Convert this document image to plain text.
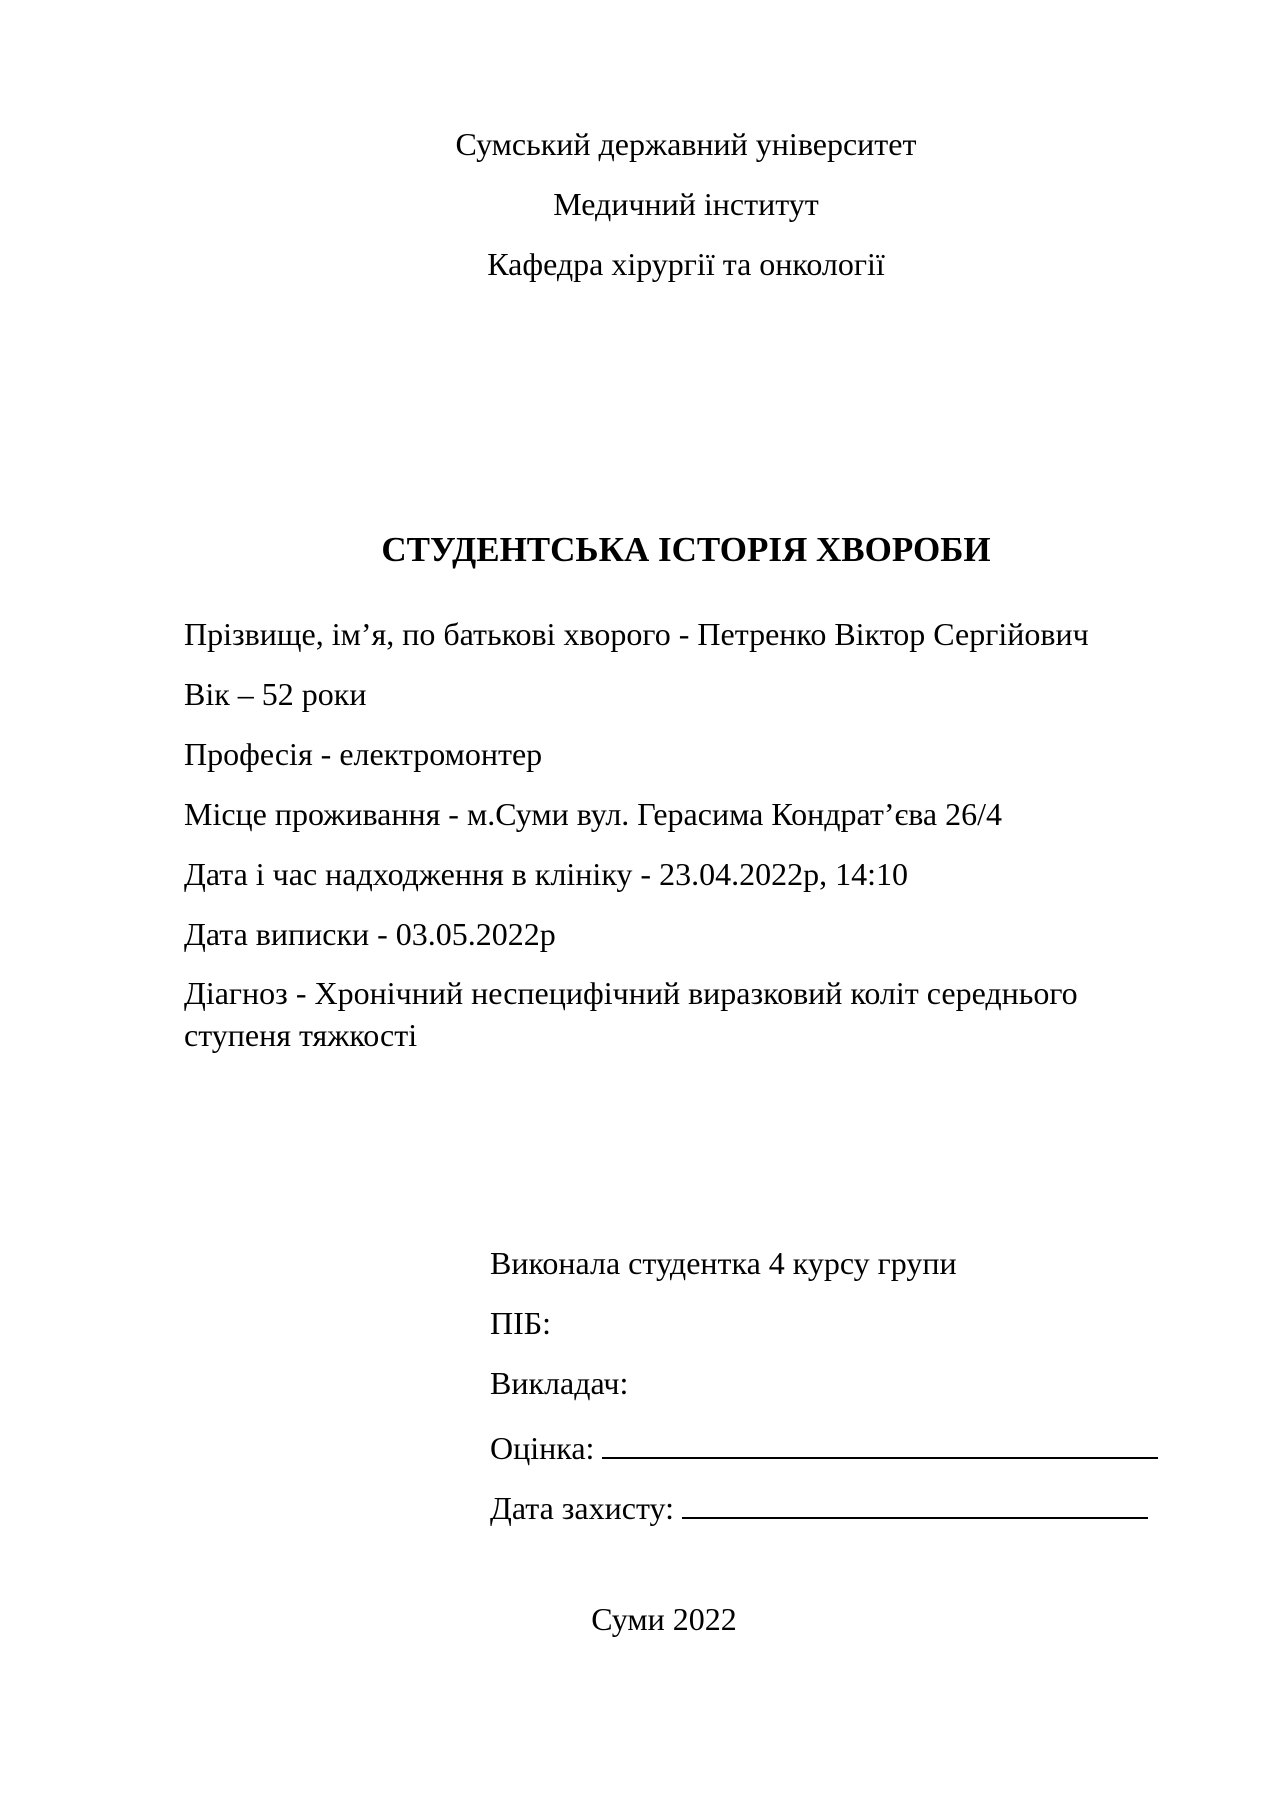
Сумський державний університет
Медичний інститут
Кафедра хірургії та онкології
СТУДЕНТСЬКА ІСТОРІЯ ХВОРОБИ
Прізвище, ім’я, по батькові хворого - Петренко Віктор Сергійович
Вік – 52 роки
Професія - електромонтер
Місце проживання - м.Суми вул. Герасима Кондрат’єва 26/4
Дата і час надходження в клініку - 23.04.2022р, 14:10
Дата виписки - 03.05.2022р
Діагноз - Хронічний неспецифічний виразковий коліт середнього ступеня тяжкості
Виконала студентка 4 курсу групи
ПІБ:
Викладач:
Оцінка:
Дата захисту:
Суми 2022
